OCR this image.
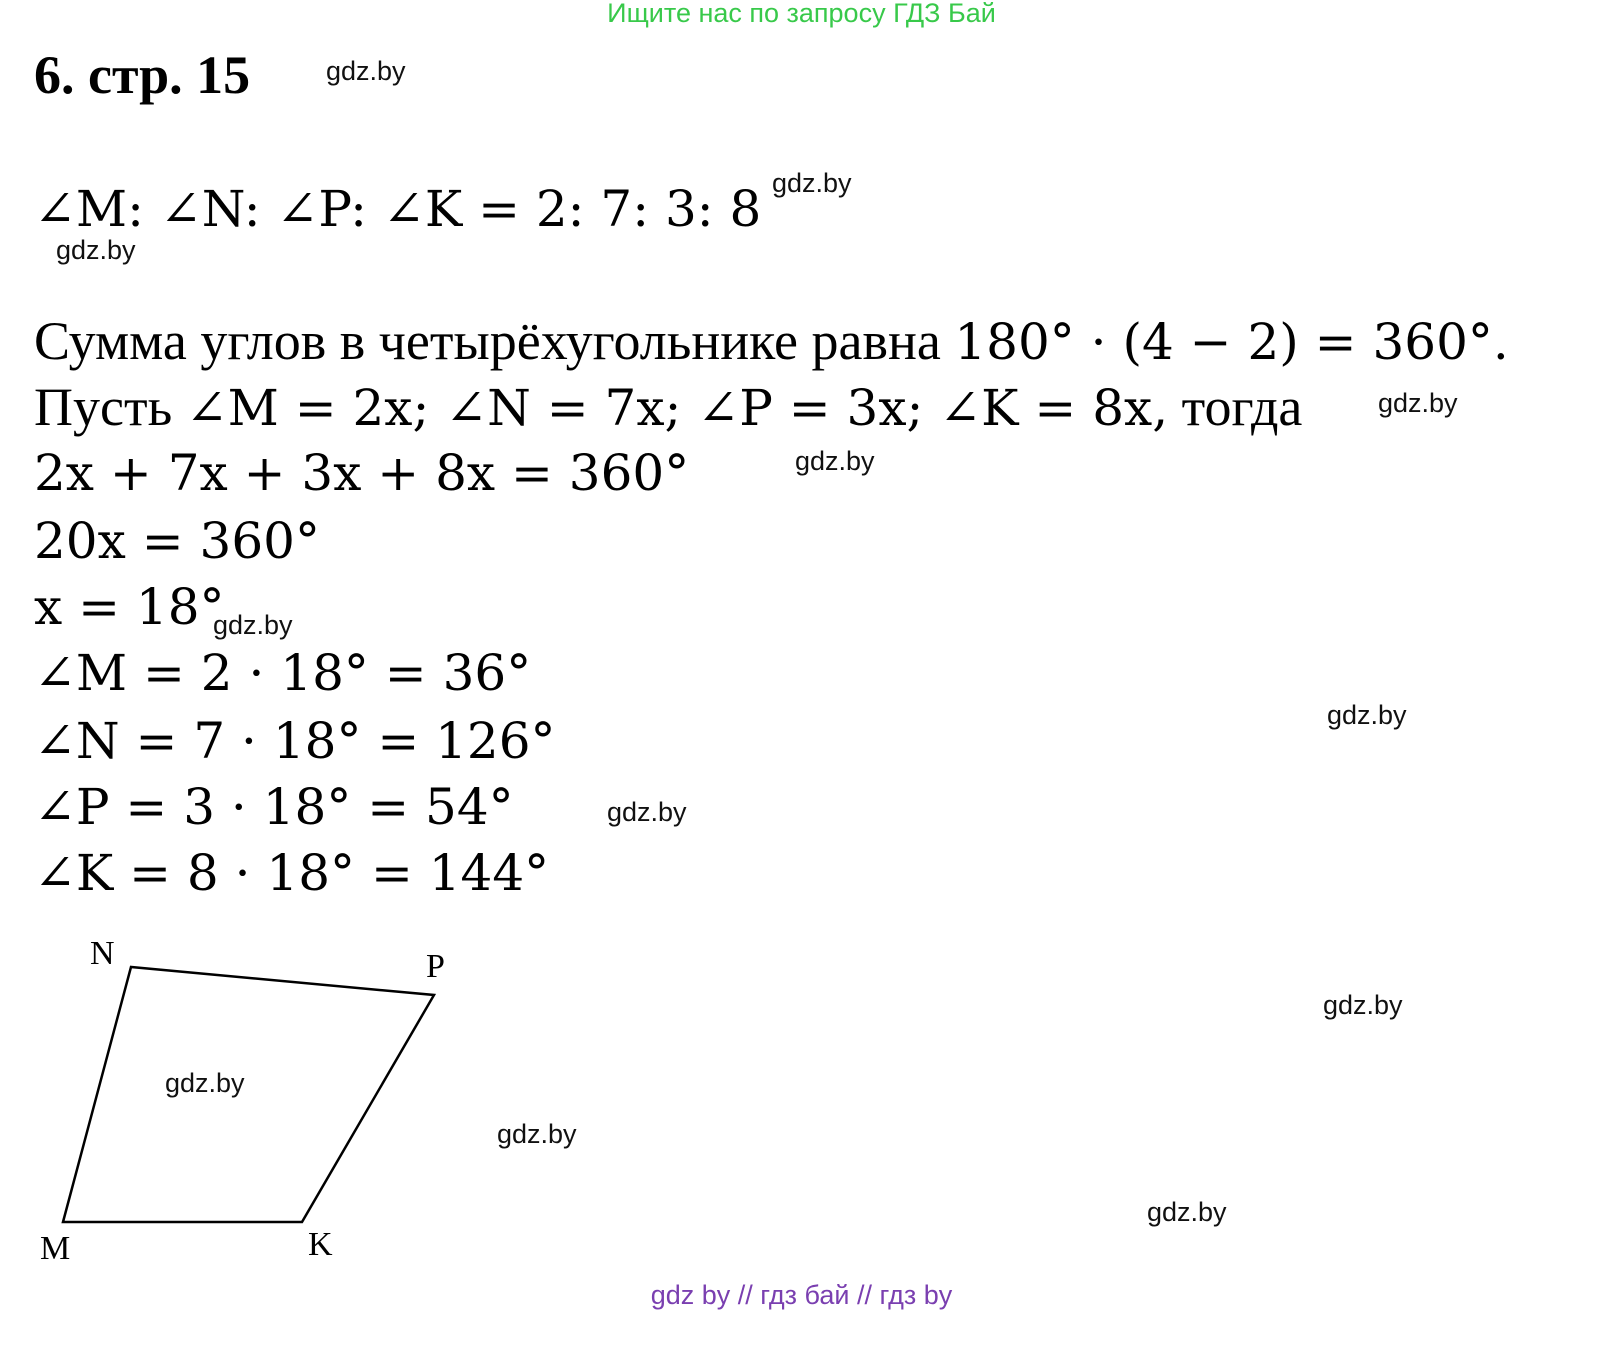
Ищите нас по запросу ГДЗ Бай
6. стр. 15	gdz.by
∠M: ∠N: ∠P: ∠K = 2: 7: 3: 8 gdz.by
gdz.by
Сумма углов в четырёхугольнике равна 180° · (4 − 2) = 360°.
Пусть ∠M = 2x; ∠N = 7x; ∠P = 3x; ∠K = 8x, тогда	gdz.by
2x + 7x + 3x + 8x = 360°	gdz.by
20x = 360°
x = 18°
gdz.by
∠M = 2 · 18° = 36°
∠N = 7 · 18° = 126°	gdz.by
∠P = 3 · 18° = 54°	gdz.by
∠K = 8 · 18° = 144°
N	P
M	K
gdz.by
gdz.by
gdz.by
gdz.by
gdz by // гдз бай // гдз by
